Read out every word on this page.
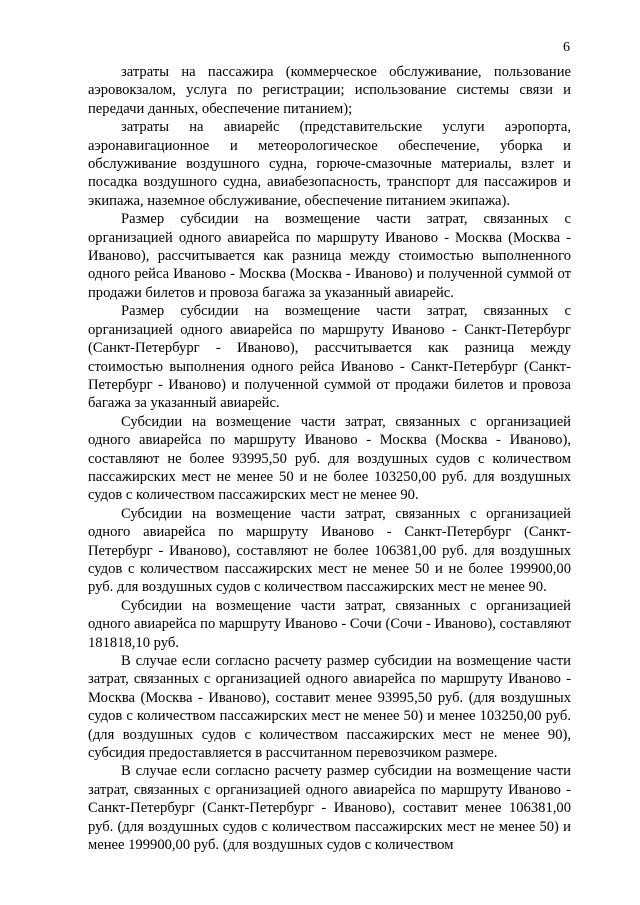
6

затраты на пассажира (коммерческое обслуживание, пользование аэровокзалом, услуга по регистрации; использование системы связи и передачи данных, обеспечение питанием);

затраты на авиарейс (представительские услуги аэропорта, аэронавигационное и метеорологическое обеспечение, уборка и обслуживание воздушного судна, горюче-смазочные материалы, взлет и посадка воздушного судна, авиабезопасность, транспорт для пассажиров и экипажа, наземное обслуживание, обеспечение питанием экипажа).

Размер субсидии на возмещение части затрат, связанных с организацией одного авиарейса по маршруту Иваново - Москва (Москва - Иваново), рассчитывается как разница между стоимостью выполненного одного рейса Иваново - Москва (Москва - Иваново) и полученной суммой от продажи билетов и провоза багажа за указанный авиарейс.

Размер субсидии на возмещение части затрат, связанных с организацией одного авиарейса по маршруту Иваново - Санкт-Петербург (Санкт-Петербург - Иваново), рассчитывается как разница между стоимостью выполнения одного рейса Иваново - Санкт-Петербург (Санкт-Петербург - Иваново) и полученной суммой от продажи билетов и провоза багажа за указанный авиарейс.

Субсидии на возмещение части затрат, связанных с организацией одного авиарейса по маршруту Иваново - Москва (Москва - Иваново), составляют не более 93995,50 руб. для воздушных судов с количеством пассажирских мест не менее 50 и не более 103250,00 руб. для воздушных судов с количеством пассажирских мест не менее 90.

Субсидии на возмещение части затрат, связанных с организацией одного авиарейса по маршруту Иваново - Санкт-Петербург (Санкт-Петербург - Иваново), составляют не более 106381,00 руб. для воздушных судов с количеством пассажирских мест не менее 50 и не более 199900,00 руб. для воздушных судов с количеством пассажирских мест не менее 90.

Субсидии на возмещение части затрат, связанных с организацией одного авиарейса по маршруту Иваново - Сочи (Сочи - Иваново), составляют 181818,10 руб.

В случае если согласно расчету размер субсидии на возмещение части затрат, связанных с организацией одного авиарейса по маршруту Иваново - Москва (Москва - Иваново), составит менее 93995,50 руб. (для воздушных судов с количеством пассажирских мест не менее 50) и менее 103250,00 руб. (для воздушных судов с количеством пассажирских мест не менее 90), субсидия предоставляется в рассчитанном перевозчиком размере.

В случае если согласно расчету размер субсидии на возмещение части затрат, связанных с организацией одного авиарейса по маршруту Иваново - Санкт-Петербург (Санкт-Петербург - Иваново), составит менее 106381,00 руб. (для воздушных судов с количеством пассажирских мест не менее 50) и менее 199900,00 руб. (для воздушных судов с количеством
